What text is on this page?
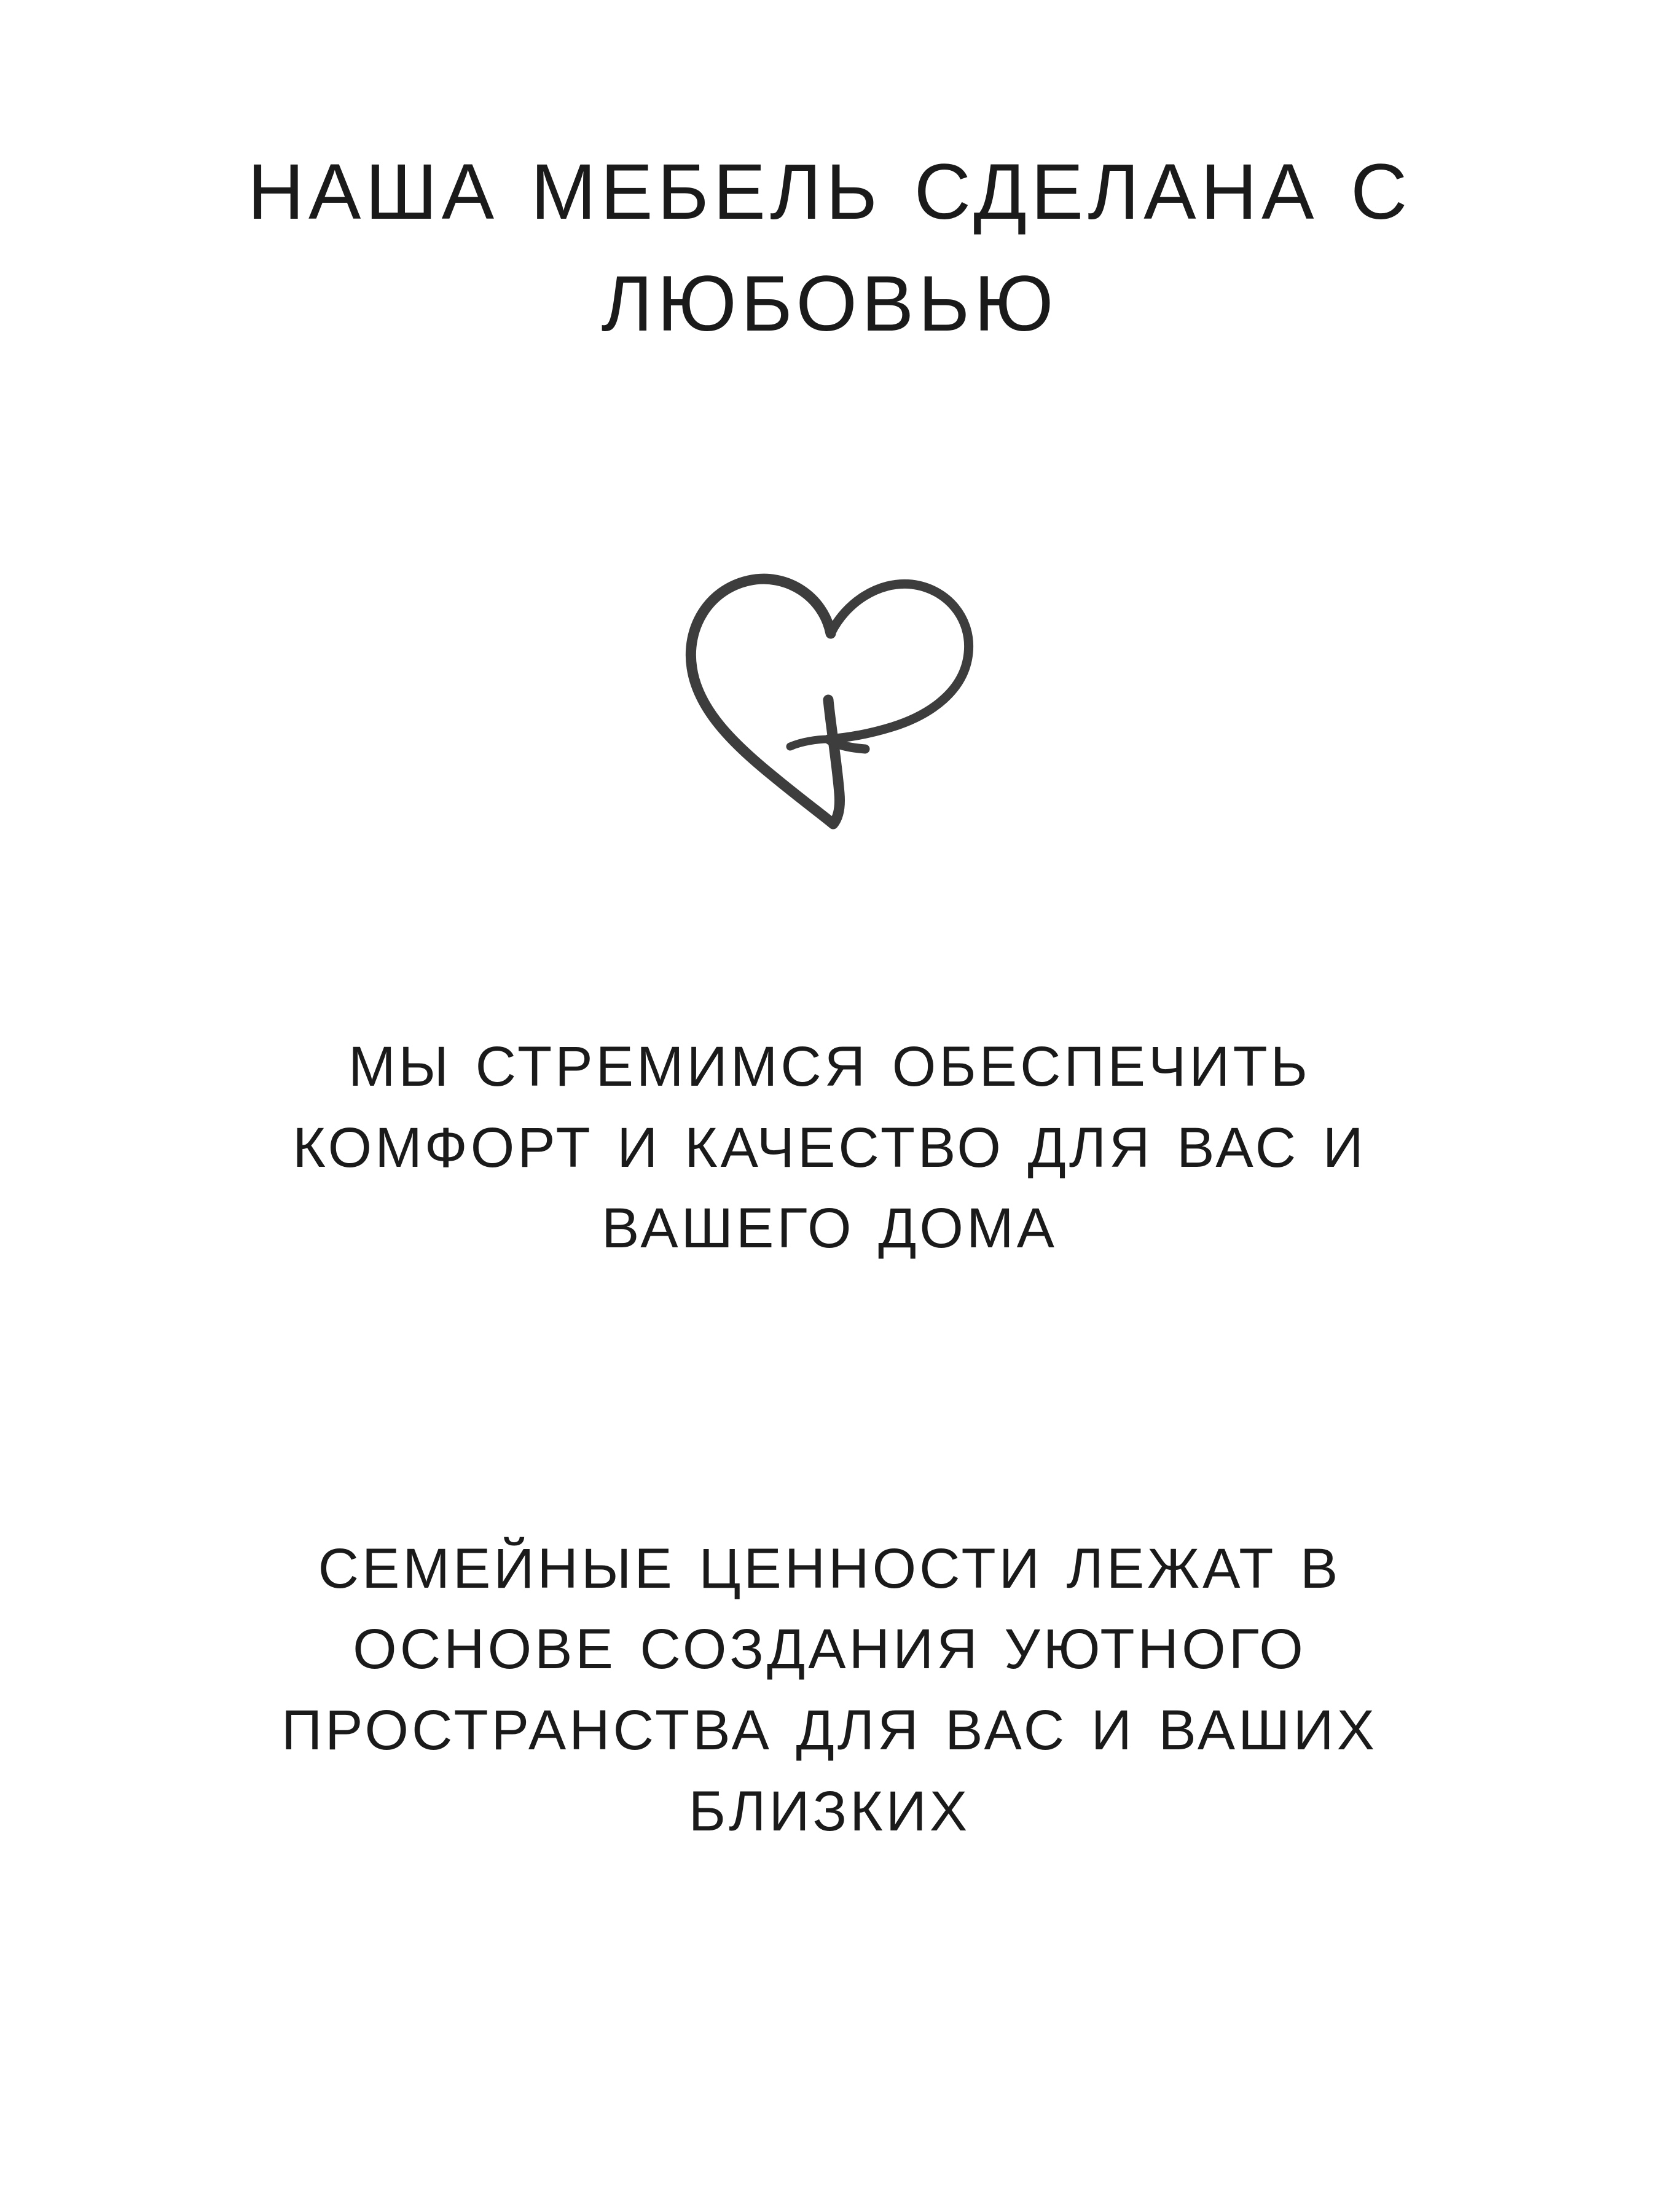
НАША МЕБЕЛЬ СДЕЛАНА С ЛЮБОВЬЮ

МЫ СТРЕМИМСЯ ОБЕСПЕЧИТЬ КОМФОРТ И КАЧЕСТВО ДЛЯ ВАС И ВАШЕГО ДОМА

СЕМЕЙНЫЕ ЦЕННОСТИ ЛЕЖАТ В ОСНОВЕ СОЗДАНИЯ УЮТНОГО ПРОСТРАНСТВА ДЛЯ ВАС И ВАШИХ БЛИЗКИХ
